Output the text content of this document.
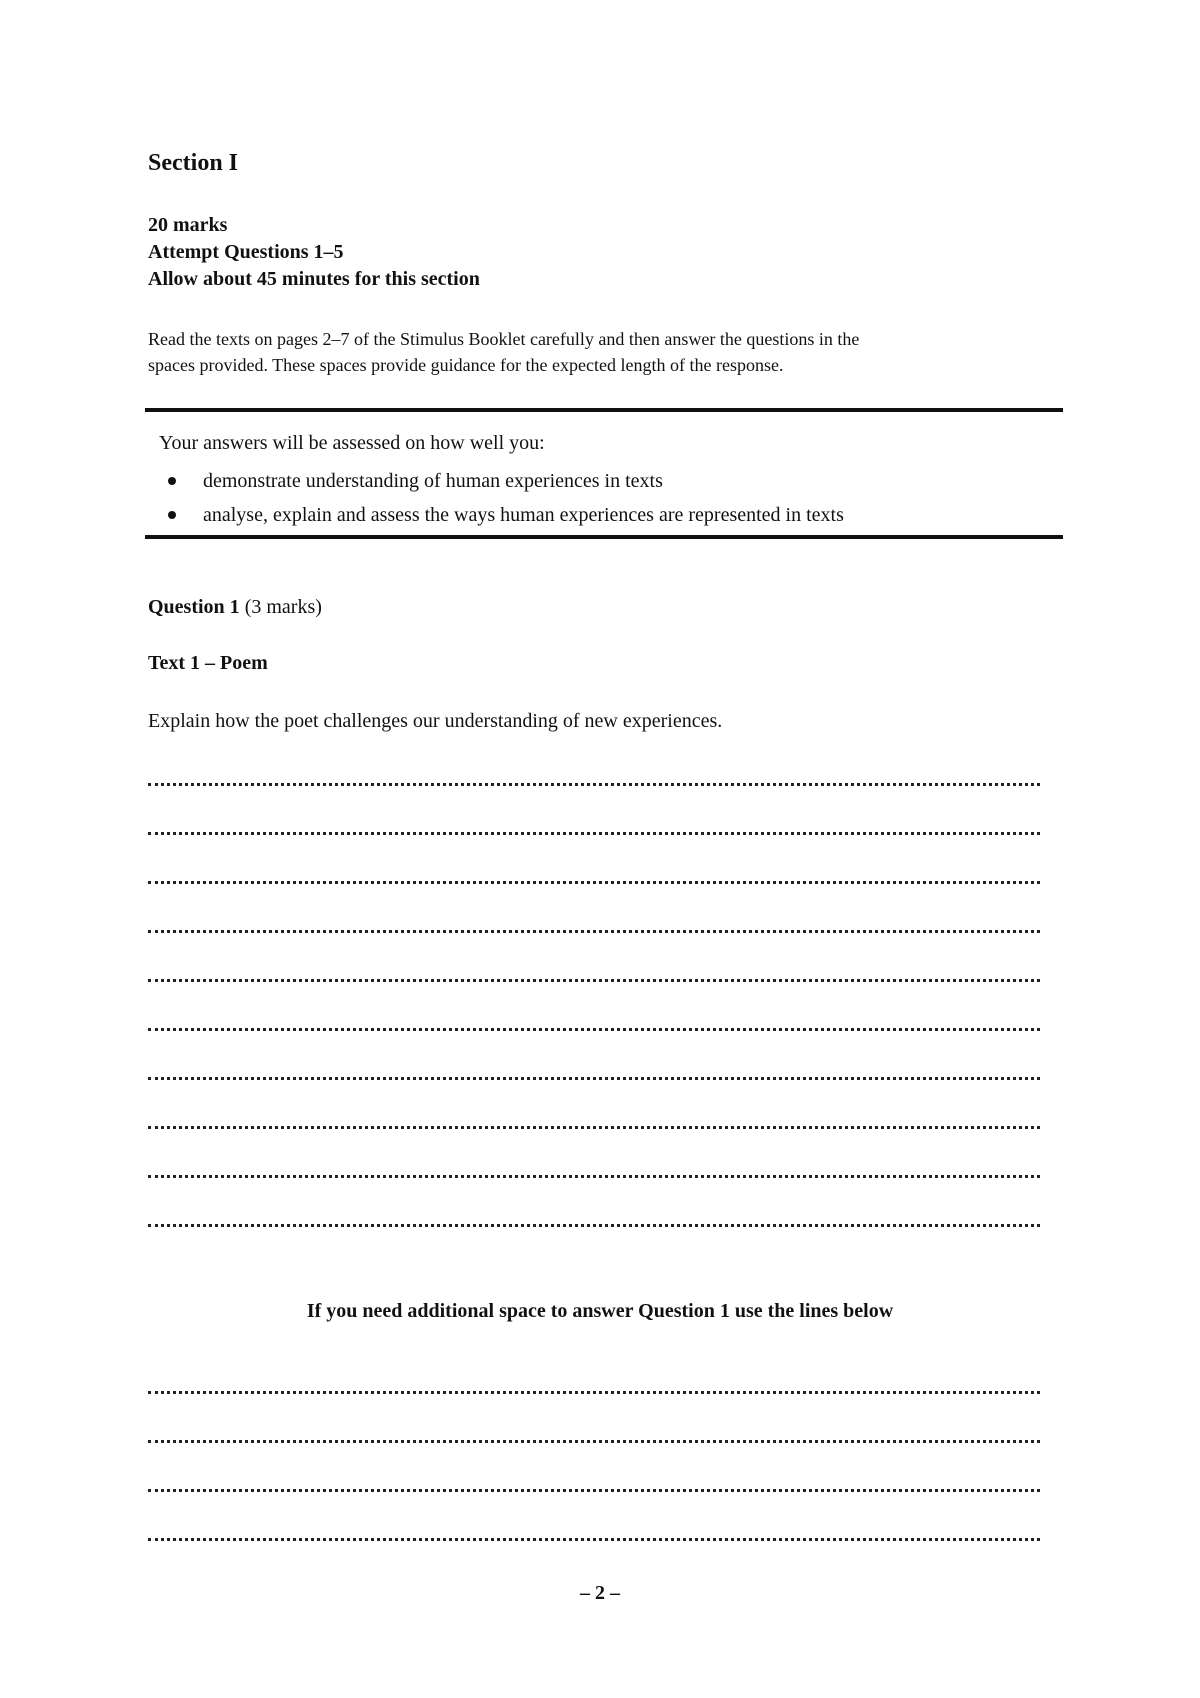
Section I
20 marks
Attempt Questions 1–5
Allow about 45 minutes for this section

Read the texts on pages 2–7 of the Stimulus Booklet carefully and then answer the questions in the

spaces provided. These spaces provide guidance for the expected length of the response.

Your answers will be assessed on how well you:
demonstrate understanding of human experiences in texts
analyse, explain and assess the ways human experiences are represented in texts
Question 1 (3 marks)
Text 1 – Poem
Explain how the poet challenges our understanding of new experiences.
If you need additional space to answer Question 1 use the lines below
– 2 –
